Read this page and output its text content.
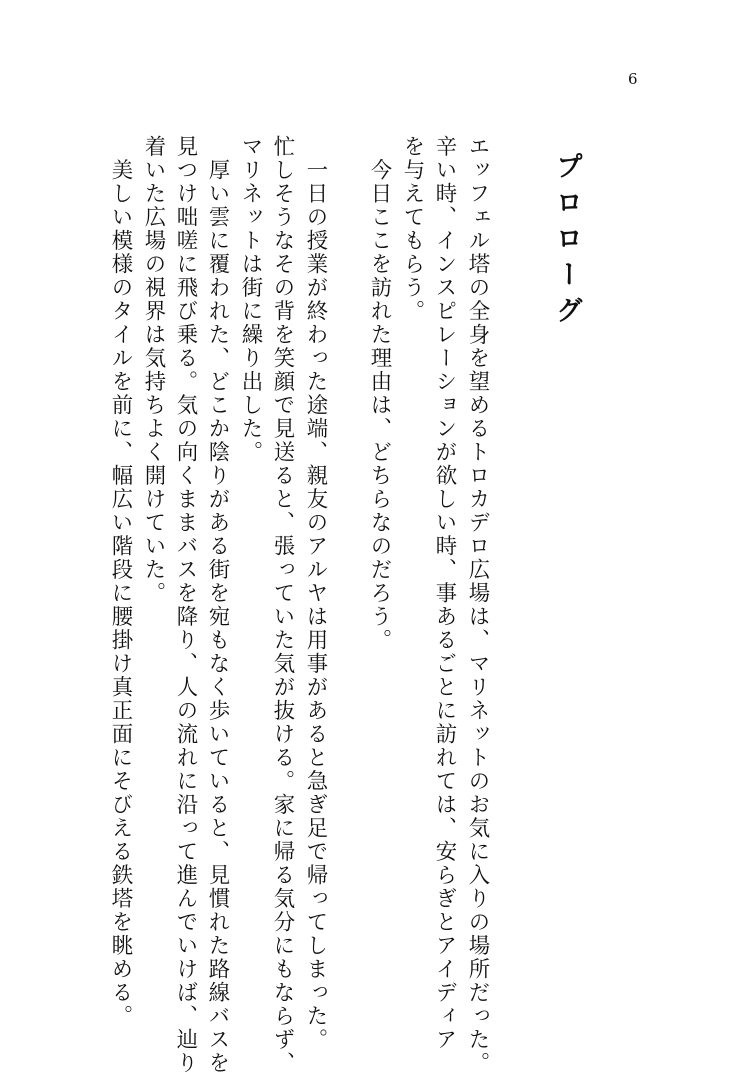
6
プロローグ
エッフェル塔の全身を望めるトロカデロ広場は、マリネットのお気に入りの場所だった。
辛い時、インスピレーションが欲しい時、事あるごとに訪れては、安らぎとアイディア
を与えてもらう。
　今日ここを訪れた理由は、どちらなのだろう。
　一日の授業が終わった途端、親友のアルヤは用事があると急ぎ足で帰ってしまった。
忙しそうなその背を笑顔で見送ると、張っていた気が抜ける。家に帰る気分にもならず、
マリネットは街に繰り出した。
　厚い雲に覆われた、どこか陰りがある街を宛もなく歩いていると、見慣れた路線バスを
見つけ咄嗟に飛び乗る。気の向くままバスを降り、人の流れに沿って進んでいけば、辿り
着いた広場の視界は気持ちよく開けていた。
　美しい模様のタイルを前に、幅広い階段に腰掛け真正面にそびえる鉄塔を眺める。
